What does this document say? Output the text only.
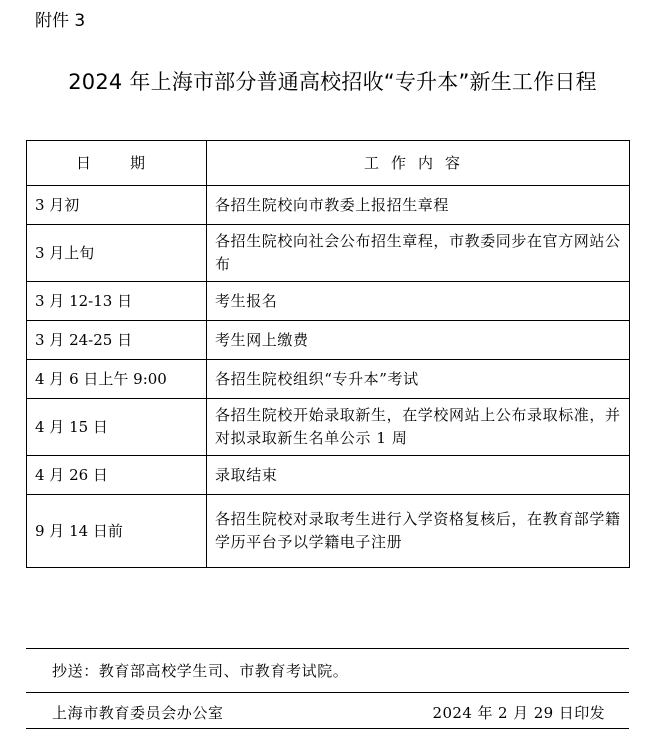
附件 3
2024 年上海市部分普通高校招收“专升本”新生工作日程
日　期	工作内容
3 月初	各招生院校向市教委上报招生章程
3 月上旬	各招生院校向社会公布招生章程，市教委同步在官方网站公布
3 月 12-13 日	考生报名
3 月 24-25 日	考生网上缴费
4 月 6 日上午 9:00	各招生院校组织“专升本”考试
4 月 15 日	各招生院校开始录取新生，在学校网站上公布录取标准，并对拟录取新生名单公示 1 周
4 月 26 日	录取结束
9 月 14 日前	各招生院校对录取考生进行入学资格复核后，在教育部学籍学历平台予以学籍电子注册
抄送：教育部高校学生司、市教育考试院。
上海市教育委员会办公室	2024 年 2 月 29 日印发
